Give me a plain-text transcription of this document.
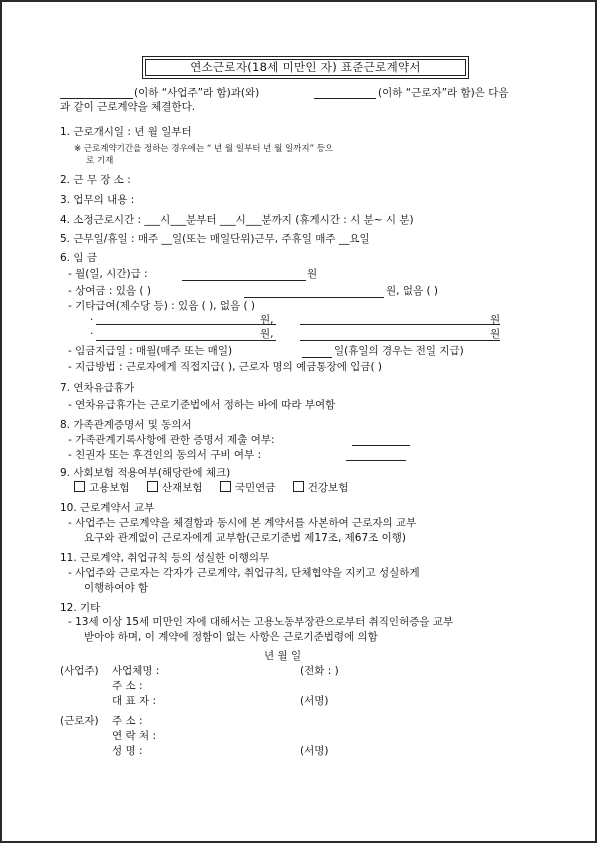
연소근로자(18세 미만인 자) 표준근로계약서
(이하 “사업주”라 함)과(와)	(이하 “근로자”라 함)은 다음
과 같이 근로계약을 체결한다.
1. 근로개시일 : 년 월 일부터
※ 근로계약기간을 정하는 경우에는 “ 년 월 일부터 년 월 일까지” 등으
로 기재
2. 근 무 장 소 :
3. 업무의 내용 :
4. 소정근로시간 : ___시___분부터 ___시___분까지 (휴게시간 : 시 분~ 시 분)
5. 근무일/휴일 : 매주 __일(또는 매일단위)근무, 주휴일 매주 __요일
6. 임 금
- 월(일, 시간)급 :	원
- 상여금 : 있음 ( )	원, 없음 ( )
- 기타급여(제수당 등) : 있음 ( ), 없음 ( )
·	원,	원
·	원,	원
- 임금지급일 : 매월(매주 또는 매일)	일(휴일의 경우는 전일 지급)
- 지급방법 : 근로자에게 직접지급( ), 근로자 명의 예금통장에 입금( )
7. 연차유급휴가
- 연차유급휴가는 근로기준법에서 정하는 바에 따라 부여함
8. 가족관계증명서 및 동의서
- 가족관계기록사항에 관한 증명서 제출 여부:
- 친권자 또는 후견인의 동의서 구비 여부 :
9. 사회보험 적용여부(해당란에 체크)
고용보험	산재보험	국민연금	건강보험
10. 근로계약서 교부
- 사업주는 근로계약을 체결함과 동시에 본 계약서를 사본하여 근로자의 교부
요구와 관계없이 근로자에게 교부함(근로기준법 제17조, 제67조 이행)
11. 근로계약, 취업규칙 등의 성실한 이행의무
- 사업주와 근로자는 각자가 근로계약, 취업규칙, 단체협약을 지키고 성실하게
이행하여야 함
12. 기타
- 13세 이상 15세 미만인 자에 대해서는 고용노동부장관으로부터 취직인허증을 교부
받아야 하며, 이 계약에 정함이 없는 사항은 근로기준법령에 의함
년 월 일
(사업주) 사업체명 :	(전화 : )
주 소 :
대 표 자 :	(서명)
(근로자) 주 소 :
연 락 처 :
성 명 :	(서명)
